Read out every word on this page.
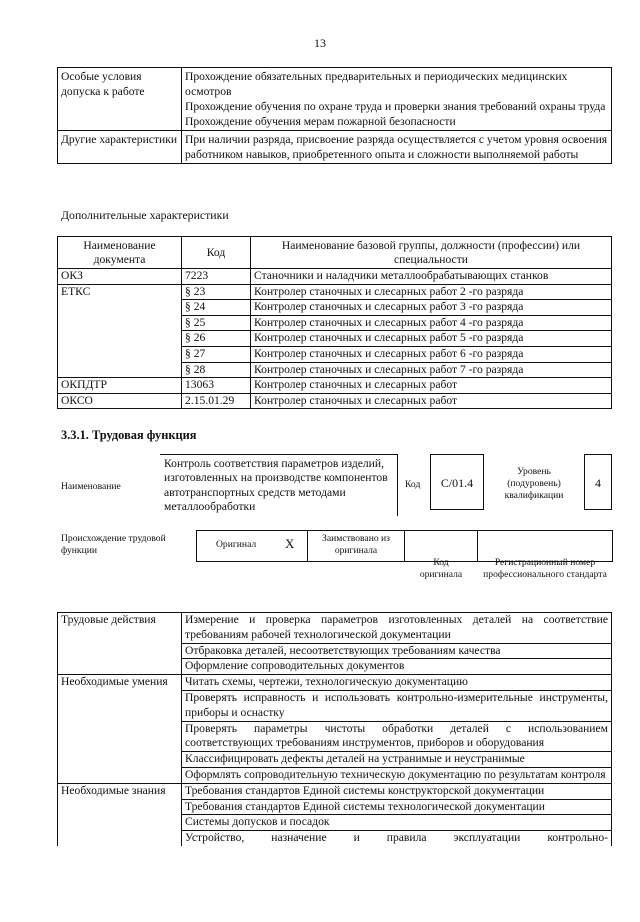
13
Особые условия допуска к работе	Прохождение обязательных предварительных и периодических медицинских осмотров
Прохождение обучения по охране труда и проверки знания требований охраны труда
Прохождение обучения мерам пожарной безопасности

Другие характеристики	При наличии разряда, присвоение разряда осуществляется с учетом уровня освоения работником навыков, приобретенного опыта и сложности выполняемой работы
Дополнительные характеристики
Наименование документа	Код	Наименование базовой группы, должности (профессии) или специальности
ОКЗ	7223	Станочники и наладчики металлообрабатывающих станков
ЕТКС	§ 23	Контролер станочных и слесарных работ 2 -го разряда
	§ 24	Контролер станочных и слесарных работ 3 -го разряда
	§ 25	Контролер станочных и слесарных работ 4 -го разряда
	§ 26	Контролер станочных и слесарных работ 5 -го разряда
	§ 27	Контролер станочных и слесарных работ 6 -го разряда
	§ 28	Контролер станочных и слесарных работ 7 -го разряда
ОКПДТР	13063	Контролер станочных и слесарных работ
ОКСО	2.15.01.29	Контролер станочных и слесарных работ
3.3.1. Трудовая функция
Наименование
Контроль соответствия параметров изделий, изготовленных на производстве компонентов автотранспортных средств методами металлообработки
Код	С/01.4
Уровень (подуровень) квалификации
4
Происхождение трудовой функции
Оригинал Х	Заимствовано из оригинала
Код оригинала
Регистрационный номер профессионального стандарта
Трудовые действия	Измерение и проверка параметров изготовленных деталей на соответствие требованиям рабочей технологической документации
	Отбраковка деталей, несоответствующих требованиям качества
	Оформление сопроводительных документов
Необходимые умения	Читать схемы, чертежи, технологическую документацию
	Проверять исправность и использовать контрольно-измерительные инструменты, приборы и оснастку
	Проверять параметры чистоты обработки деталей с использованием соответствующих требованиям инструментов, приборов и оборудования
	Классифицировать дефекты деталей на устранимые и неустранимые
	Оформлять сопроводительную техническую документацию по результатам контроля
Необходимые знания	Требования стандартов Единой системы конструкторской документации
	Требования стандартов Единой системы технологической документации
	Системы допусков и посадок
	Устройство, назначение и правила эксплуатации контрольно-
